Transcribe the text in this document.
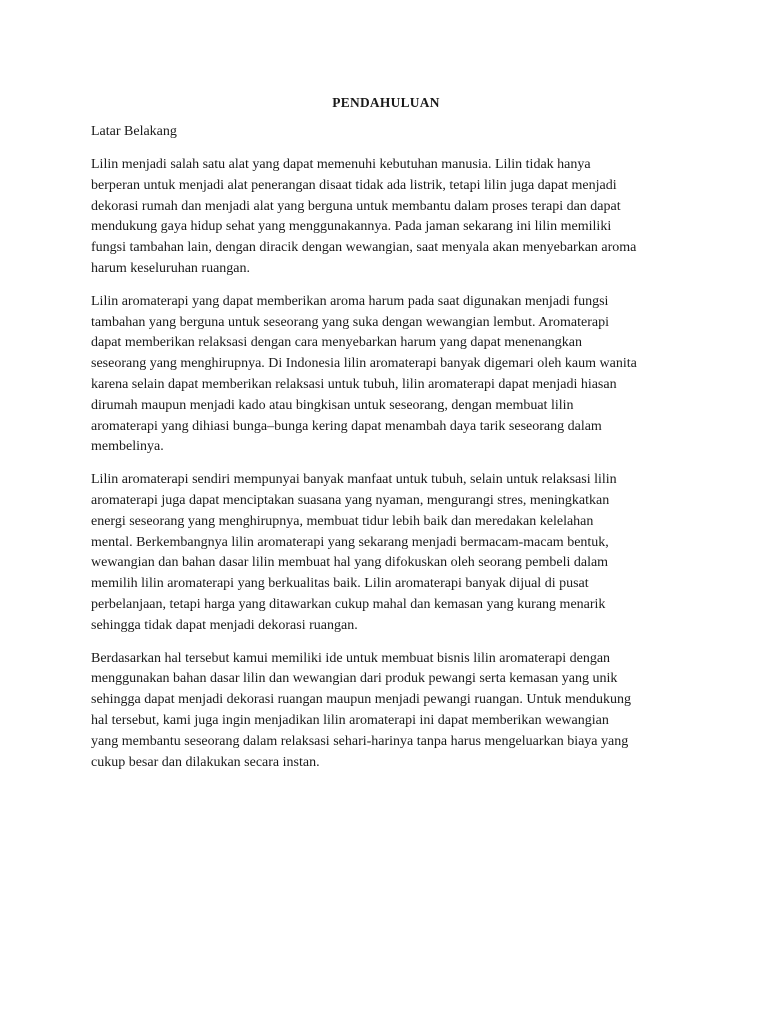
PENDAHULUAN
Latar Belakang
Lilin menjadi salah satu alat yang dapat memenuhi kebutuhan manusia. Lilin tidak hanya
berperan untuk menjadi alat penerangan disaat tidak ada listrik, tetapi lilin juga dapat menjadi
dekorasi rumah dan menjadi alat yang berguna untuk membantu dalam proses terapi dan dapat
mendukung gaya hidup sehat yang menggunakannya. Pada jaman sekarang ini lilin memiliki
fungsi tambahan lain, dengan diracik dengan wewangian, saat menyala akan menyebarkan aroma
harum keseluruhan ruangan.
Lilin aromaterapi yang dapat memberikan aroma harum pada saat digunakan menjadi fungsi
tambahan yang berguna untuk seseorang yang suka dengan wewangian lembut. Aromaterapi
dapat memberikan relaksasi dengan cara menyebarkan harum yang dapat menenangkan
seseorang yang menghirupnya. Di Indonesia lilin aromaterapi banyak digemari oleh kaum wanita
karena selain dapat memberikan relaksasi untuk tubuh, lilin aromaterapi dapat menjadi hiasan
dirumah maupun menjadi kado atau bingkisan untuk seseorang, dengan membuat lilin
aromaterapi yang dihiasi bunga–bunga kering dapat menambah daya tarik seseorang dalam
membelinya.
Lilin aromaterapi sendiri mempunyai banyak manfaat untuk tubuh, selain untuk relaksasi lilin
aromaterapi juga dapat menciptakan suasana yang nyaman, mengurangi stres, meningkatkan
energi seseorang yang menghirupnya, membuat tidur lebih baik dan meredakan kelelahan
mental. Berkembangnya lilin aromaterapi yang sekarang menjadi bermacam-macam bentuk,
wewangian dan bahan dasar lilin membuat hal yang difokuskan oleh seorang pembeli dalam
memilih lilin aromaterapi yang berkualitas baik. Lilin aromaterapi banyak dijual di pusat
perbelanjaan, tetapi harga yang ditawarkan cukup mahal dan kemasan yang kurang menarik
sehingga tidak dapat menjadi dekorasi ruangan.
Berdasarkan hal tersebut kamui memiliki ide untuk membuat bisnis lilin aromaterapi dengan
menggunakan bahan dasar lilin dan wewangian dari produk pewangi serta kemasan yang unik
sehingga dapat menjadi dekorasi ruangan maupun menjadi pewangi ruangan. Untuk mendukung
hal tersebut, kami juga ingin menjadikan lilin aromaterapi ini dapat memberikan wewangian
yang membantu seseorang dalam relaksasi sehari-harinya tanpa harus mengeluarkan biaya yang
cukup besar dan dilakukan secara instan.
